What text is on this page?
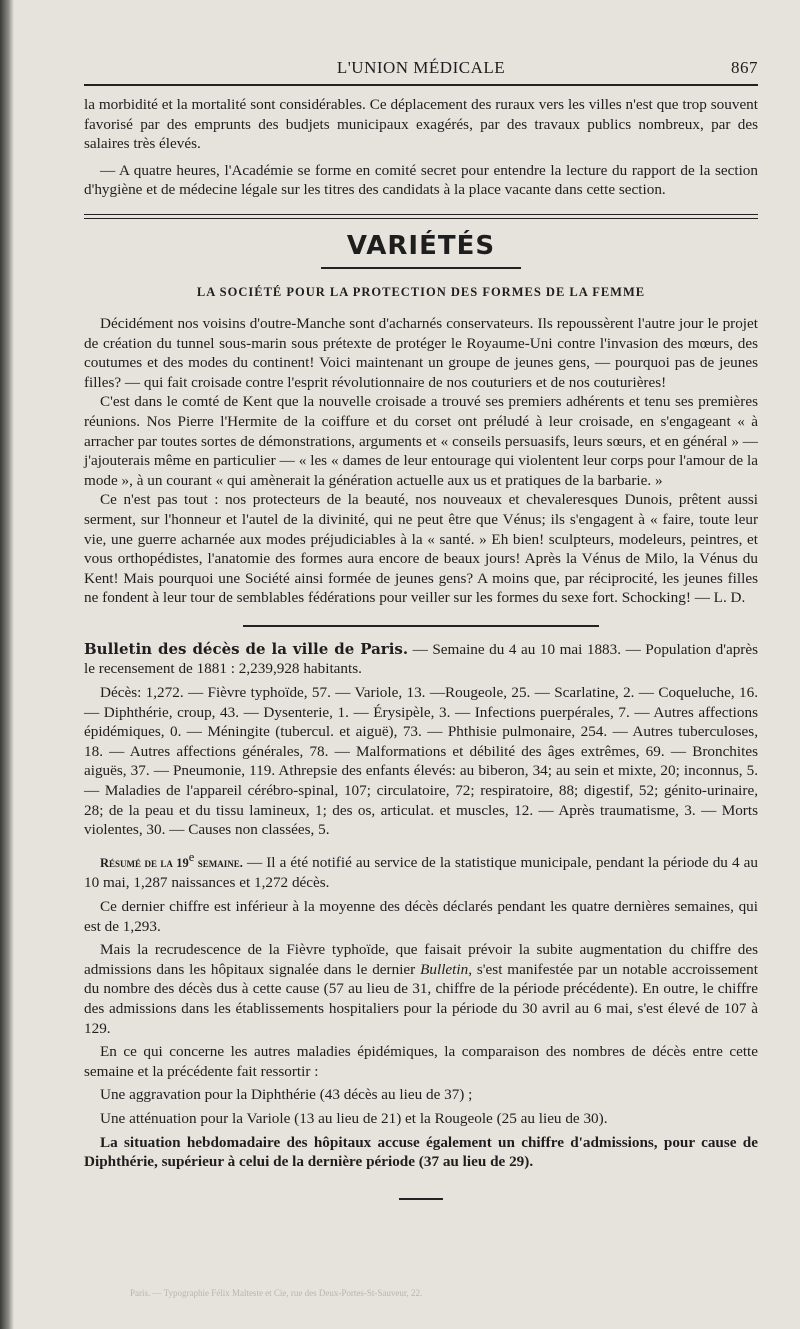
L'UNION MÉDICALE	867

la morbidité et la mortalité sont considérables. Ce déplacement des ruraux vers les villes n'est que trop souvent favorisé par des emprunts des budjets municipaux exagérés, par des travaux publics nombreux, par des salaires très élevés.

— A quatre heures, l'Académie se forme en comité secret pour entendre la lecture du rapport de la section d'hygiène et de médecine légale sur les titres des candidats à la place vacante dans cette section.

VARIÉTÉS
LA SOCIÉTÉ POUR LA PROTECTION DES FORMES DE LA FEMME

Décidément nos voisins d'outre-Manche sont d'acharnés conservateurs. Ils repoussèrent l'autre jour le projet de création du tunnel sous-marin sous prétexte de protéger le Royaume-Uni contre l'invasion des mœurs, des coutumes et des modes du continent! Voici maintenant un groupe de jeunes gens, — pourquoi pas de jeunes filles? — qui fait croisade contre l'esprit révolutionnaire de nos couturiers et de nos couturières!

C'est dans le comté de Kent que la nouvelle croisade a trouvé ses premiers adhérents et tenu ses premières réunions. Nos Pierre l'Hermite de la coiffure et du corset ont préludé à leur croisade, en s'engageant « à arracher par toutes sortes de démonstrations, arguments et « conseils persuasifs, leurs sœurs, et en général » — j'ajouterais même en particulier — « les « dames de leur entourage qui violentent leur corps pour l'amour de la mode », à un courant « qui amènerait la génération actuelle aux us et pratiques de la barbarie. »

Ce n'est pas tout : nos protecteurs de la beauté, nos nouveaux et chevaleresques Dunois, prêtent aussi serment, sur l'honneur et l'autel de la divinité, qui ne peut être que Vénus; ils s'engagent à « faire, toute leur vie, une guerre acharnée aux modes préjudiciables à la « santé. » Eh bien! sculpteurs, modeleurs, peintres, et vous orthopédistes, l'anatomie des formes aura encore de beaux jours! Après la Vénus de Milo, la Vénus du Kent! Mais pourquoi une Société ainsi formée de jeunes gens? A moins que, par réciprocité, les jeunes filles ne fondent à leur tour de semblables fédérations pour veiller sur les formes du sexe fort. Schocking! — L. D.

Bulletin des décès de la ville de Paris. — Semaine du 4 au 10 mai 1883. — Population d'après le recensement de 1881 : 2,239,928 habitants.

Décès: 1,272. — Fièvre typhoïde, 57. — Variole, 13. —Rougeole, 25. — Scarlatine, 2. — Coqueluche, 16. — Diphthérie, croup, 43. — Dysenterie, 1. — Érysipèle, 3. — Infections puerpérales, 7. — Autres affections épidémiques, 0. — Méningite (tubercul. et aiguë), 73. — Phthisie pulmonaire, 254. — Autres tuberculoses, 18. — Autres affections générales, 78. — Malformations et débilité des âges extrêmes, 69. — Bronchites aiguës, 37. — Pneumonie, 119. Athrepsie des enfants élevés: au biberon, 34; au sein et mixte, 20; inconnus, 5. — Maladies de l'appareil cérébro-spinal, 107; circulatoire, 72; respiratoire, 88; digestif, 52; génito-urinaire, 28; de la peau et du tissu lamineux, 1; des os, articulat. et muscles, 12. — Après traumatisme, 3. — Morts violentes, 30. — Causes non classées, 5.

Résumé de la 19e semaine. — Il a été notifié au service de la statistique municipale, pendant la période du 4 au 10 mai, 1,287 naissances et 1,272 décès.

Ce dernier chiffre est inférieur à la moyenne des décès déclarés pendant les quatre dernières semaines, qui est de 1,293.

Mais la recrudescence de la Fièvre typhoïde, que faisait prévoir la subite augmentation du chiffre des admissions dans les hôpitaux signalée dans le dernier Bulletin, s'est manifestée par un notable accroissement du nombre des décès dus à cette cause (57 au lieu de 31, chiffre de la période précédente). En outre, le chiffre des admissions dans les établissements hospitaliers pour la période du 30 avril au 6 mai, s'est élevé de 107 à 129.

En ce qui concerne les autres maladies épidémiques, la comparaison des nombres de décès entre cette semaine et la précédente fait ressortir :

Une aggravation pour la Diphthérie (43 décès au lieu de 37) ;

Une atténuation pour la Variole (13 au lieu de 21) et la Rougeole (25 au lieu de 30).

La situation hebdomadaire des hôpitaux accuse également un chiffre d'admissions, pour cause de Diphthérie, supérieur à celui de la dernière période (37 au lieu de 29).

Paris. — Typographie Félix Malteste et Cie, rue des Deux-Portes-St-Sauveur, 22.
